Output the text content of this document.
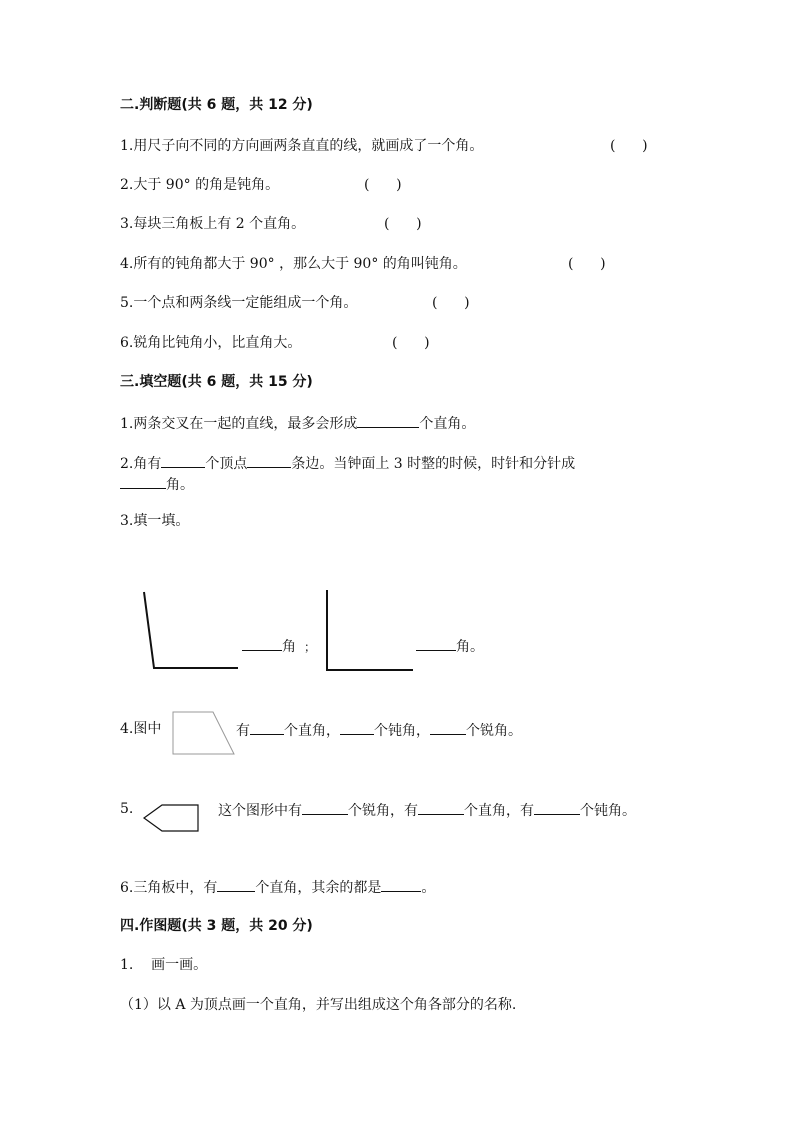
二.判断题(共 6 题，共 12 分)
1.用尺子向不同的方向画两条直直的线，就画成了一个角。	(      )
2.大于 90° 的角是钝角。	(      )
3.每块三角板上有 2 个直角。	(      )
4.所有的钝角都大于 90° ，那么大于 90° 的角叫钝角。	(      )
5.一个点和两条线一定能组成一个角。	(      )
6.锐角比钝角小，比直角大。	(      )
三.填空题(共 6 题，共 15 分)
1.两条交叉在一起的直线，最多会形成	个直角。
2.角有	个顶点	条边。当钟面上 3 时整的时候，时针和分针成
角。
3.填一填。
角 ；	角。
4.图中	有 个直角， 个钝角，	个锐角。
5.	这个图形中有	个锐角，有	个直角，有	个钝角。
6.三角板中，有	个直角，其余的都是	。
四.作图题(共 3 题，共 20 分)
1.    画一画。
（1）以 A 为顶点画一个直角，并写出组成这个角各部分的名称.
